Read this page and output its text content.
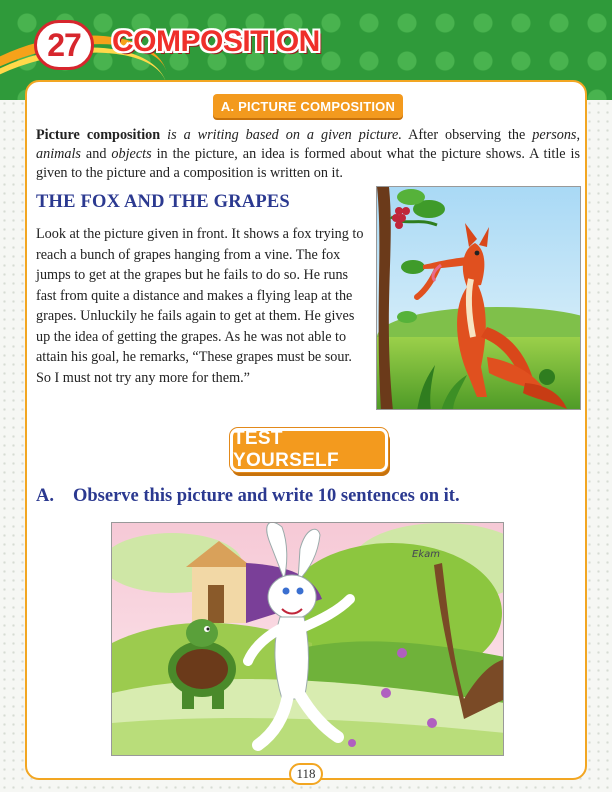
27	COMPOSITION
A. PICTURE COMPOSITION

Picture composition is a writing based on a given picture. After observing the persons, animals and objects in the picture, an idea is formed about what the picture shows. A title is given to the picture and a composition is written on it.

THE FOX AND THE GRAPES

Look at the picture given in front. It shows a fox trying to reach a bunch of grapes hanging from a vine. The fox jumps to get at the grapes but he fails to do so. He runs fast from quite a distance and makes a flying leap at the grapes. Unluckily he fails again to get at them. He gives up the idea of getting the grapes. As he was not able to attain his goal, he remarks, “These grapes must be sour. So I must not try any more for them.”

TEST YOURSELF
A. Observe this picture and write 10 sentences on it.
Ekam
118
